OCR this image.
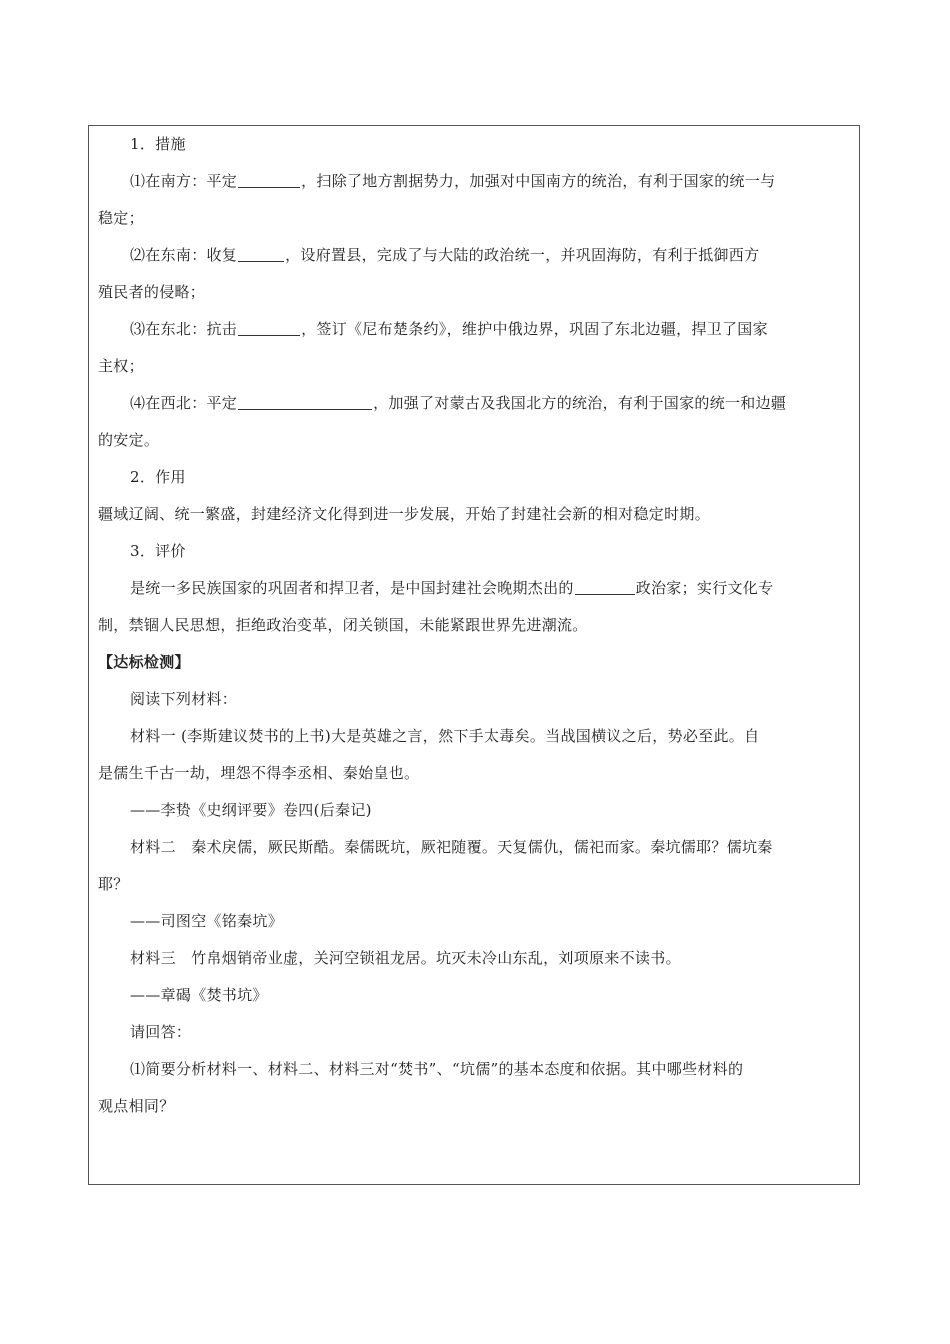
1．措施
⑴在南方：平定	，扫除了地方割据势力，加强对中国南方的统治，有利于国家的统一与
稳定；
⑵在东南：收复	，设府置县，完成了与大陆的政治统一，并巩固海防，有利于抵御西方
殖民者的侵略；
⑶在东北：抗击	，签订《尼布楚条约》，维护中俄边界，巩固了东北边疆，捍卫了国家
主权；
⑷在西北：平定	，加强了对蒙古及我国北方的统治，有利于国家的统一和边疆
的安定。
2．作用
疆域辽阔、统一繁盛，封建经济文化得到进一步发展，开始了封建社会新的相对稳定时期。
3．评价
是统一多民族国家的巩固者和捍卫者，是中国封建社会晚期杰出的	政治家；实行文化专
制，禁锢人民思想，拒绝政治变革，闭关锁国，未能紧跟世界先进潮流。
【达标检测】
阅读下列材料：
材料一 (李斯建议焚书的上书)大是英雄之言，然下手太毒矣。当战国横议之后，势必至此。自
是儒生千古一劫，埋怨不得李丞相、秦始皇也。
——李贽《史纲评要》卷四(后秦记)
材料二　秦术戾儒，厥民斯酷。秦儒既坑，厥祀随覆。天复儒仇，儒祀而家。秦坑儒耶？儒坑秦
耶？
——司图空《铭秦坑》
材料三　竹帛烟销帝业虚，关河空锁祖龙居。坑灭未冷山东乱，刘项原来不读书。
——章碣《焚书坑》
请回答：
⑴简要分析材料一、材料二、材料三对“焚书”、“坑儒”的基本态度和依据。其中哪些材料的
观点相同？
